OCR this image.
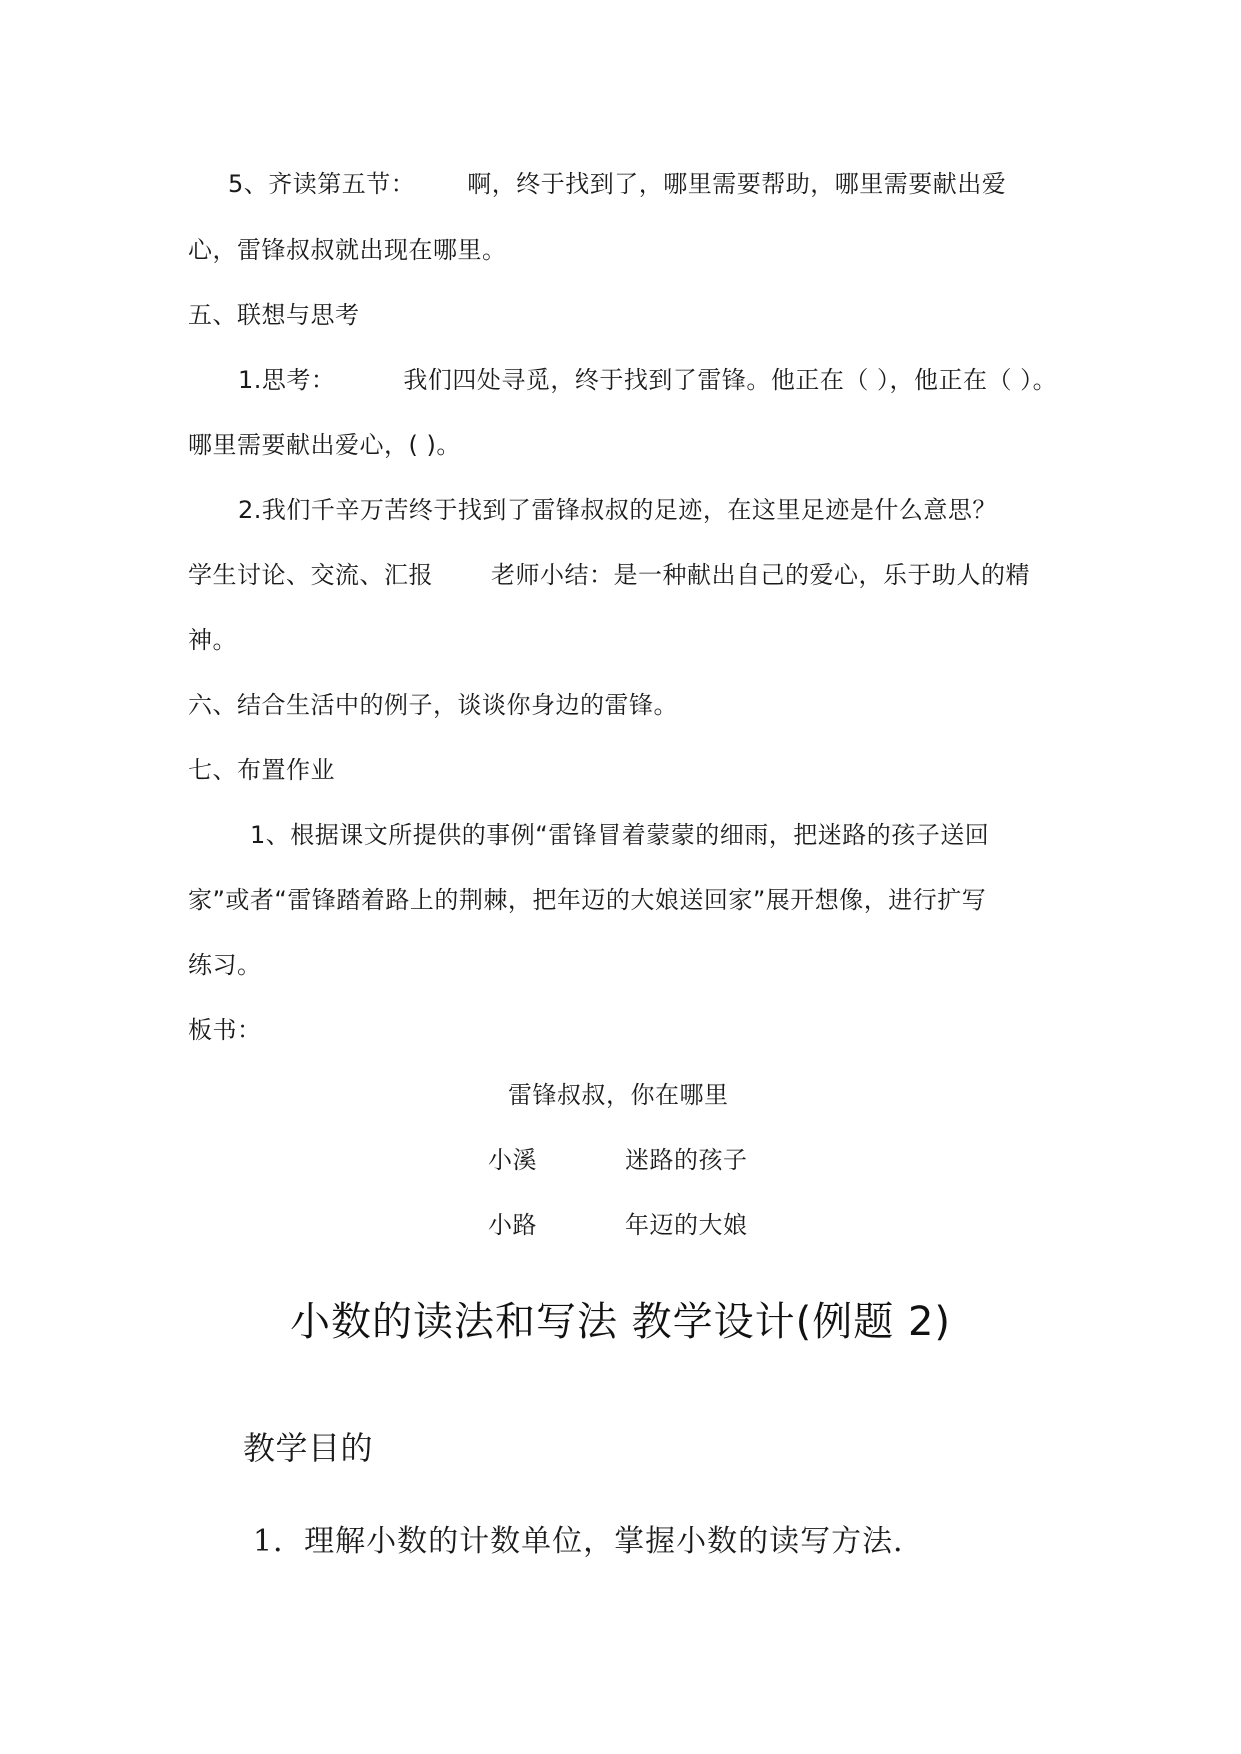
5、齐读第五节： 啊，终于找到了，哪里需要帮助，哪里需要献出爱
心，雷锋叔叔就出现在哪里。
五、联想与思考
1.思考：	我们四处寻觅，终于找到了雷锋。他正在（ ），他正在（ ）。
哪里需要献出爱心，( )。
2.我们千辛万苦终于找到了雷锋叔叔的足迹，在这里足迹是什么意思？
学生讨论、交流、汇报 老师小结：是一种献出自己的爱心，乐于助人的精
神。
六、结合生活中的例子，谈谈你身边的雷锋。
七、布置作业
1、根据课文所提供的事例“雷锋冒着蒙蒙的细雨，把迷路的孩子送回
家”或者“雷锋踏着路上的荆棘，把年迈的大娘送回家”展开想像，进行扩写
练习。
板书：
雷锋叔叔，你在哪里
小溪	迷路的孩子
小路	年迈的大娘
小数的读法和写法 教学设计(例题 2)
教学目的
1．理解小数的计数单位，掌握小数的读写方法．
